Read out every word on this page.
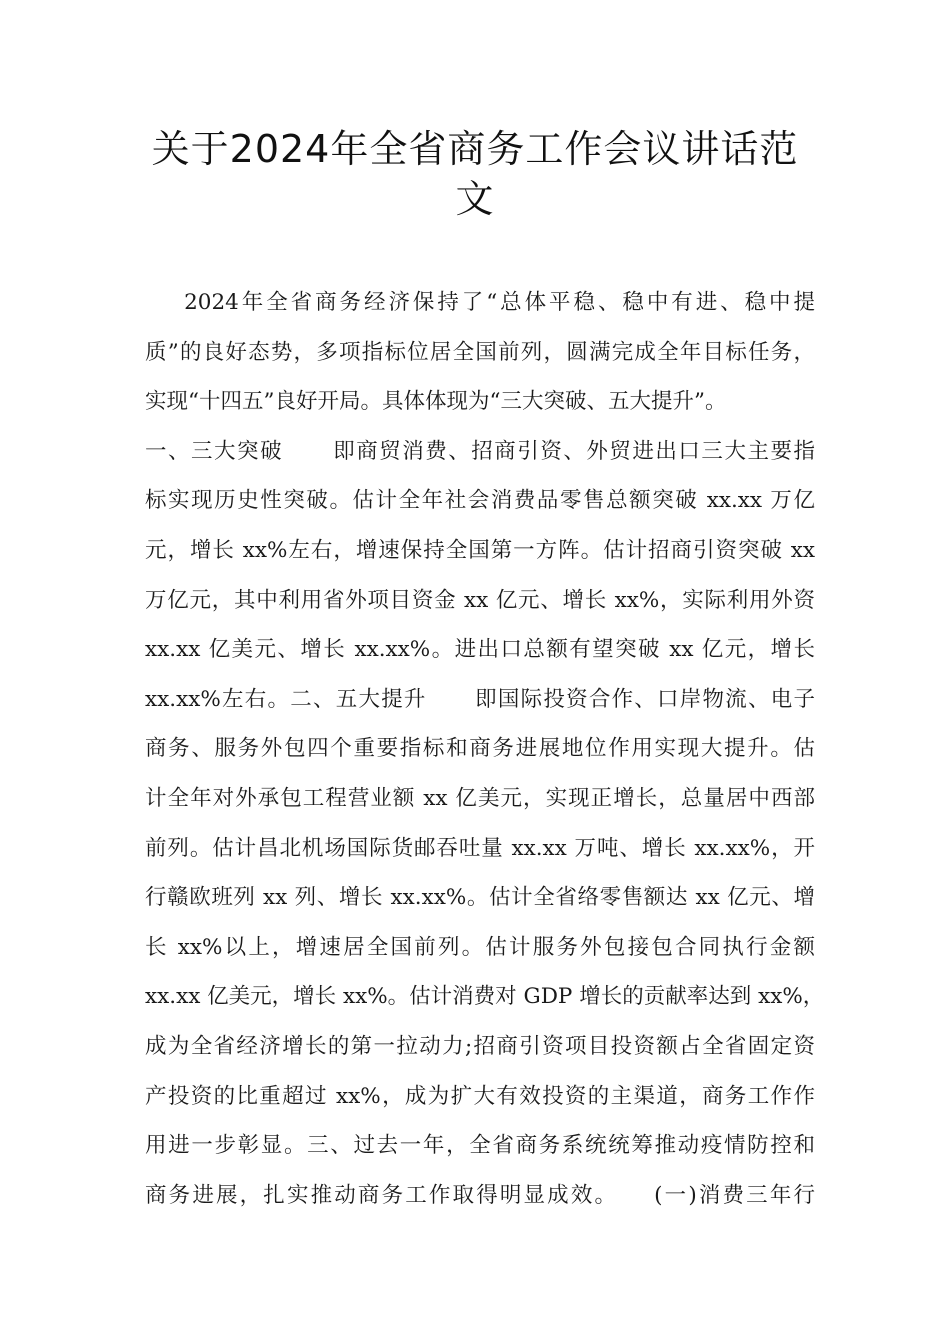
关于2024年全省商务工作会议讲话范
文
2024年全省商务经济保持了“总体平稳、稳中有进、稳中提
质”的良好态势，多项指标位居全国前列，圆满完成全年目标任务，
实现“十四五”良好开局。具体体现为“三大突破、五大提升”。
一、三大突破      即商贸消费、招商引资、外贸进出口三大主要指
标实现历史性突破。估计全年社会消费品零售总额突破 xx.xx 万亿
元，增长 xx%左右，增速保持全国第一方阵。估计招商引资突破 xx
万亿元，其中利用省外项目资金 xx 亿元、增长 xx%，实际利用外资
xx.xx 亿美元、增长 xx.xx%。进出口总额有望突破 xx 亿元，增长
xx.xx%左右。二、五大提升      即国际投资合作、口岸物流、电子
商务、服务外包四个重要指标和商务进展地位作用实现大提升。估
计全年对外承包工程营业额 xx 亿美元，实现正增长，总量居中西部
前列。估计昌北机场国际货邮吞吐量 xx.xx 万吨、增长 xx.xx%，开
行赣欧班列 xx 列、增长 xx.xx%。估计全省络零售额达 xx 亿元、增
长 xx%以上，增速居全国前列。估计服务外包接包合同执行金额
xx.xx 亿美元，增长 xx%。估计消费对 GDP 增长的贡献率达到 xx%，
成为全省经济增长的第一拉动力;招商引资项目投资额占全省固定资
产投资的比重超过 xx%，成为扩大有效投资的主渠道，商务工作作
用进一步彰显。三、过去一年，全省商务系统统筹推动疫情防控和
商务进展，扎实推动商务工作取得明显成效。    (一)消费三年行
